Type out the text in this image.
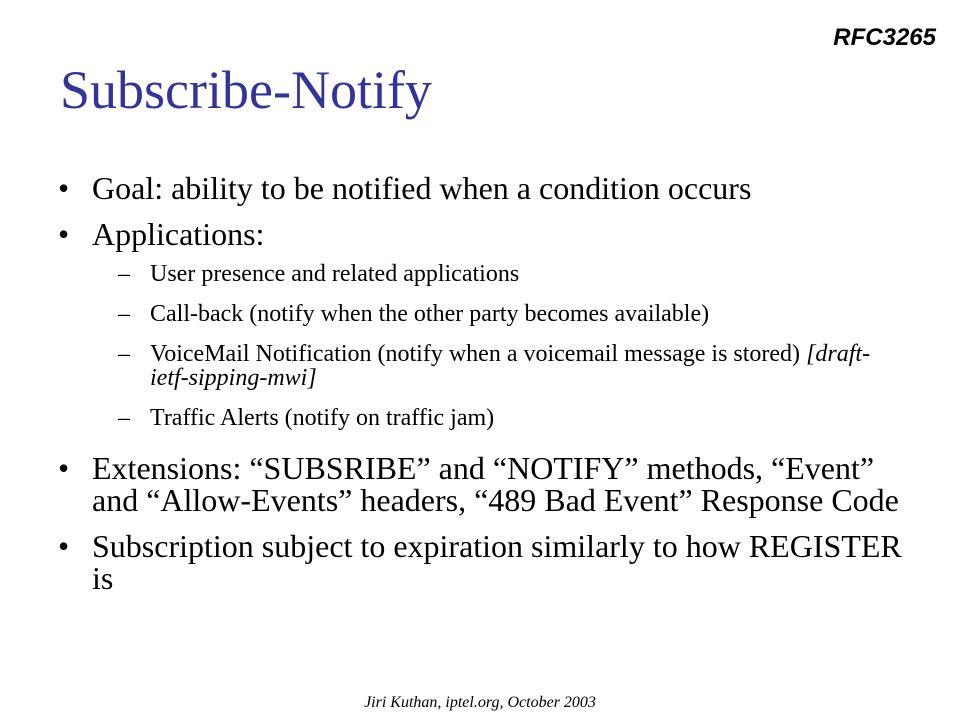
RFC3265
Subscribe-Notify
• Goal: ability to be notified when a condition occurs
• Applications:
– User presence and related applications
– Call-back (notify when the other party becomes available)
– VoiceMail Notification (notify when a voicemail message is stored) [draft-ietf-sipping-mwi]
– Traffic Alerts (notify on traffic jam)
• Extensions: “SUBSRIBE” and “NOTIFY” methods, “Event” and “Allow-Events” headers, “489 Bad Event” Response Code
• Subscription subject to expiration similarly to how REGISTER is
Jiri Kuthan, iptel.org, October 2003
